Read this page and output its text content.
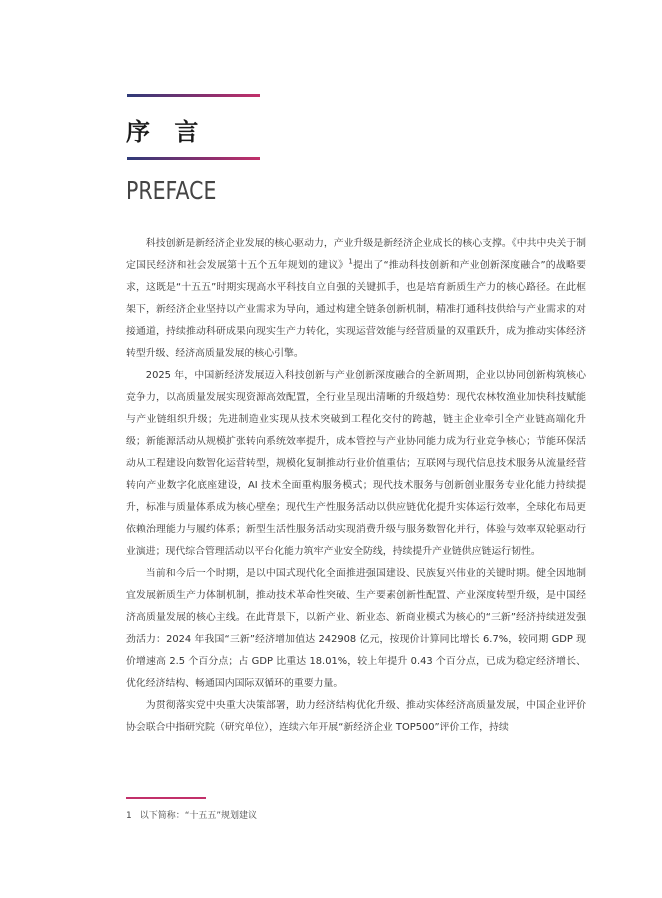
序 言
PREFACE

科技创新是新经济企业发展的核心驱动力，产业升级是新经济企业成长的核心支撑。《中共中央关于制定国民经济和社会发展第十五个五年规划的建议》$^1$提出了“推动科技创新和产业创新深度融合”的战略要求，这既是“十五五”时期实现高水平科技自立自强的关键抓手，也是培育新质生产力的核心路径。在此框架下，新经济企业坚持以产业需求为导向，通过构建全链条创新机制，精准打通科技供给与产业需求的对接通道，持续推动科研成果向现实生产力转化，实现运营效能与经营质量的双重跃升，成为推动实体经济转型升级、经济高质量发展的核心引擎。

2025 年，中国新经济发展迈入科技创新与产业创新深度融合的全新周期，企业以协同创新构筑核心竞争力，以高质量发展实现资源高效配置，全行业呈现出清晰的升级趋势：现代农林牧渔业加快科技赋能与产业链组织升级；先进制造业实现从技术突破到工程化交付的跨越，链主企业牵引全产业链高端化升级；新能源活动从规模扩张转向系统效率提升，成本管控与产业协同能力成为行业竞争核心；节能环保活动从工程建设向数智化运营转型，规模化复制推动行业价值重估；互联网与现代信息技术服务从流量经营转向产业数字化底座建设，AI 技术全面重构服务模式；现代技术服务与创新创业服务专业化能力持续提升，标准与质量体系成为核心壁垒；现代生产性服务活动以供应链优化提升实体运行效率，全球化布局更依赖治理能力与履约体系；新型生活性服务活动实现消费升级与服务数智化并行，体验与效率双轮驱动行业演进；现代综合管理活动以平台化能力筑牢产业安全防线，持续提升产业链供应链运行韧性。

当前和今后一个时期，是以中国式现代化全面推进强国建设、民族复兴伟业的关键时期。健全因地制宜发展新质生产力体制机制，推动技术革命性突破、生产要素创新性配置、产业深度转型升级，是中国经济高质量发展的核心主线。在此背景下，以新产业、新业态、新商业模式为核心的“三新”经济持续迸发强劲活力：2024 年我国“三新”经济增加值达 242908 亿元，按现价计算同比增长 6.7%，较同期 GDP 现价增速高 2.5 个百分点；占 GDP 比重达 18.01%，较上年提升 0.43 个百分点，已成为稳定经济增长、优化经济结构、畅通国内国际双循环的重要力量。

为贯彻落实党中央重大决策部署，助力经济结构优化升级、推动实体经济高质量发展，中国企业评价协会联合中指研究院（研究单位），连续六年开展“新经济企业 TOP500”评价工作，持续

1 以下简称：“十五五”规划建议
